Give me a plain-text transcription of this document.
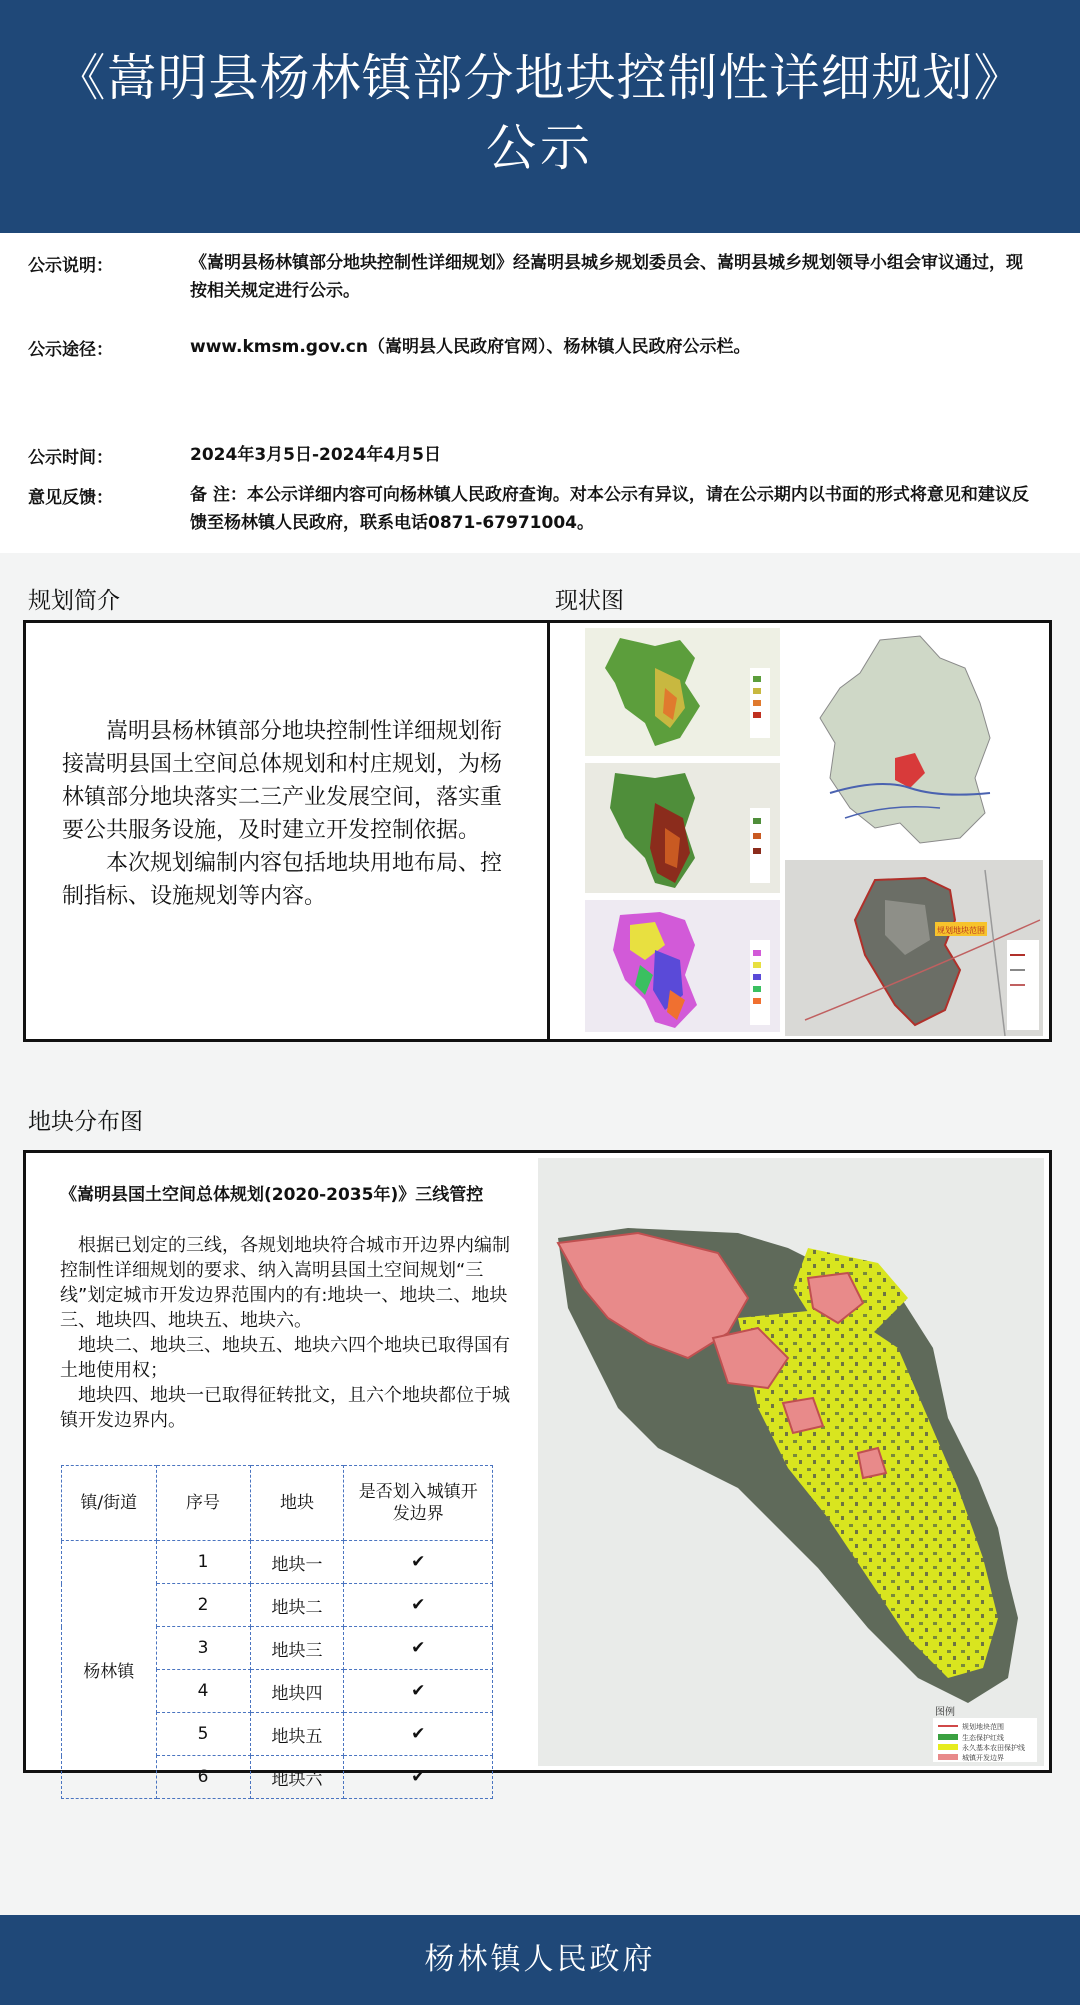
《嵩明县杨林镇部分地块控制性详细规划》
公示
公示说明：	《嵩明县杨林镇部分地块控制性详细规划》经嵩明县城乡规划委员会、嵩明县城乡规划领导小组会审议通过，现按相关规定进行公示。
公示途径：	www.kmsm.gov.cn（嵩明县人民政府官网）、杨林镇人民政府公示栏。
公示时间：	2024年3月5日-2024年4月5日
意见反馈：	备 注：本公示详细内容可向杨林镇人民政府查询。对本公示有异议，请在公示期内以书面的形式将意见和建议反馈至杨林镇人民政府，联系电话0871-67971004。
规划简介	现状图

嵩明县杨林镇部分地块控制性详细规划衔接嵩明县国土空间总体规划和村庄规划，为杨林镇部分地块落实二三产业发展空间，落实重要公共服务设施，及时建立开发控制依据。

本次规划编制内容包括地块用地布局、控制指标、设施规划等内容。

规划地块范围
地块分布图
《嵩明县国土空间总体规划(2020-2035年)》三线管控

根据已划定的三线，各规划地块符合城市开边界内编制控制性详细规划的要求、纳入嵩明县国土空间规划“三线”划定城市开发边界范围内的有:地块一、地块二、地块三、地块四、地块五、地块六。

地块二、地块三、地块五、地块六四个地块已取得国有土地使用权；

地块四、地块一已取得征转批文，且六个地块都位于城镇开发边界内。

镇/街道	序号	地块	是否划入城镇开发边界
杨林镇	1	地块一	✔
	2	地块二	✔
	3	地块三	✔
	4	地块四	✔
	5	地块五	✔
	6	地块六	✔
图例
规划地块范围
生态保护红线
永久基本农田保护线
城镇开发边界
杨林镇人民政府
